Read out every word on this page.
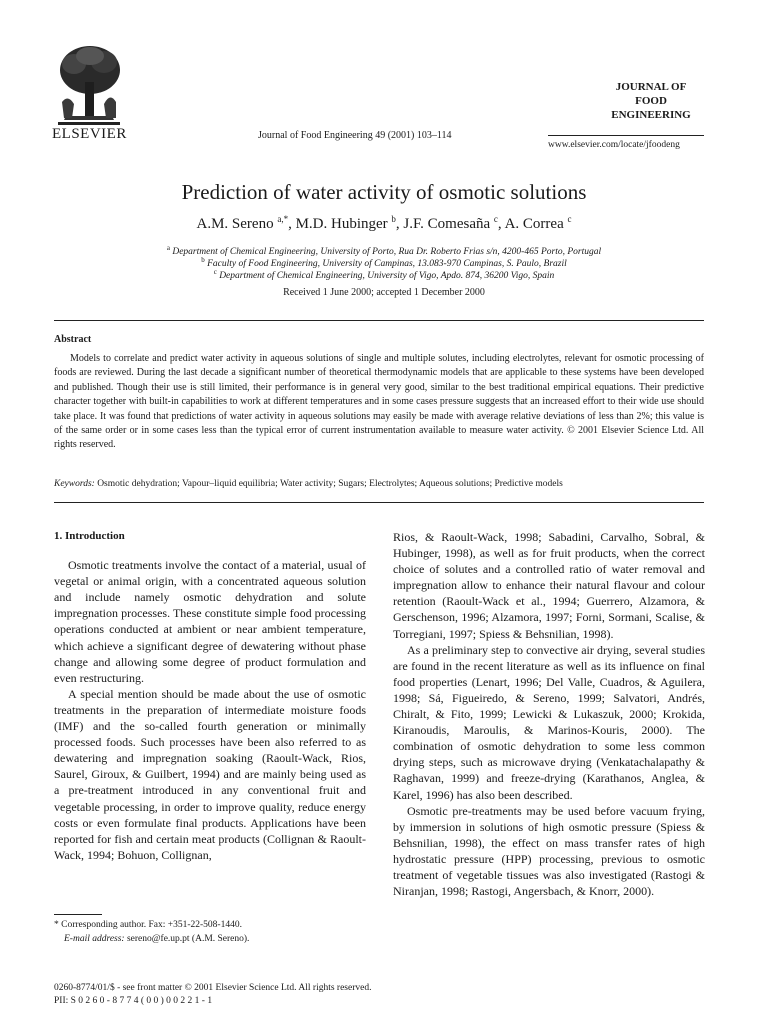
ELSEVIER	Journal of Food Engineering 49 (2001) 103–114
JOURNAL OF
FOOD
ENGINEERING
www.elsevier.com/locate/jfoodeng
Prediction of water activity of osmotic solutions
A.M. Sereno $^{a,*}$, M.D. Hubinger $^b$, J.F. Comesaña $^c$, A. Correa $^c$
$^a$ Department of Chemical Engineering, University of Porto, Rua Dr. Roberto Frias s/n, 4200-465 Porto, Portugal
$^b$ Faculty of Food Engineering, University of Campinas, 13.083-970 Campinas, S. Paulo, Brazil
$^c$ Department of Chemical Engineering, University of Vigo, Apdo. 874, 36200 Vigo, Spain
Received 1 June 2000; accepted 1 December 2000
Abstract

Models to correlate and predict water activity in aqueous solutions of single and multiple solutes, including electrolytes, relevant for osmotic processing of foods are reviewed. During the last decade a significant number of theoretical thermodynamic models that are applicable to these systems have been developed and published. Though their use is still limited, their performance is in general very good, similar to the best traditional empirical equations. Their predictive character together with built-in capabilities to work at different temperatures and in some cases pressure suggests that an increased effort to their wide use should take place. It was found that predictions of water activity in aqueous solutions may easily be made with average relative deviations of less than 2%; this value is of the same order or in some cases less than the typical error of current instrumentation available to measure water activity. © 2001 Elsevier Science Ltd. All rights reserved.

Keywords: Osmotic dehydration; Vapour–liquid equilibria; Water activity; Sugars; Electrolytes; Aqueous solutions; Predictive models

1. Introduction

Osmotic treatments involve the contact of a material, usual of vegetal or animal origin, with a concentrated aqueous solution and include namely osmotic dehydration and solute impregnation processes. These constitute simple food processing operations conducted at ambient or near ambient temperature, which achieve a significant degree of dewatering without phase change and allowing some degree of product formulation and even restructuring.

A special mention should be made about the use of osmotic treatments in the preparation of intermediate moisture foods (IMF) and the so-called fourth generation or minimally processed foods. Such processes have been also referred to as dewatering and impregnation soaking (Raoult-Wack, Rios, Saurel, Giroux, & Guilbert, 1994) and are mainly being used as a pre-treatment introduced in any conventional fruit and vegetable processing, in order to improve quality, reduce energy costs or even formulate final products. Applications have been reported for fish and certain meat products (Collignan & Raoult-Wack, 1994; Bohuon, Collignan,

Rios, & Raoult-Wack, 1998; Sabadini, Carvalho, Sobral, & Hubinger, 1998), as well as for fruit products, when the correct choice of solutes and a controlled ratio of water removal and impregnation allow to enhance their natural flavour and colour retention (Raoult-Wack et al., 1994; Guerrero, Alzamora, & Gerschenson, 1996; Alzamora, 1997; Forni, Sormani, Scalise, & Torregiani, 1997; Spiess & Behsnilian, 1998).

As a preliminary step to convective air drying, several studies are found in the recent literature as well as its influence on final food properties (Lenart, 1996; Del Valle, Cuadros, & Aguilera, 1998; Sá, Figueiredo, & Sereno, 1999; Salvatori, Andrés, Chiralt, & Fito, 1999; Lewicki & Lukaszuk, 2000; Krokida, Kiranoudis, Maroulis, & Marinos-Kouris, 2000). The combination of osmotic dehydration to some less common drying steps, such as microwave drying (Venkatachalapathy & Raghavan, 1999) and freeze-drying (Karathanos, Anglea, & Karel, 1996) has also been described.

Osmotic pre-treatments may be used before vacuum frying, by immersion in solutions of high osmotic pressure (Spiess & Behsnilian, 1998), the effect on mass transfer rates of high hydrostatic pressure (HPP) processing, previous to osmotic treatment of vegetable tissues was also investigated (Rastogi & Niranjan, 1998; Rastogi, Angersbach, & Knorr, 2000).

* Corresponding author. Fax: +351-22-508-1440.

E-mail address: sereno@fe.up.pt (A.M. Sereno).

0260-8774/01/$ - see front matter © 2001 Elsevier Science Ltd. All rights reserved.

PII: S 0 2 6 0 - 8 7 7 4 ( 0 0 ) 0 0 2 2 1 - 1
